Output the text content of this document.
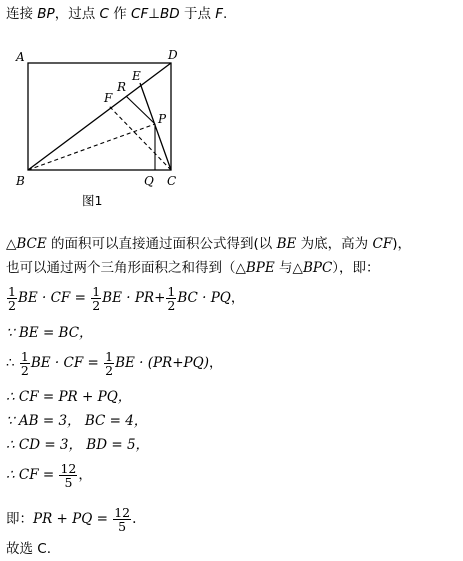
连接 BP，过点 C 作 CF⊥BD 于点 F.
A	D
E
R
F
P
B	Q C
图1
△BCE 的面积可以直接通过面积公式得到(以 BE 为底，高为 CF)，
也可以通过两个三角形面积之和得到（△BPE 与△BPC），即：
$\frac{1}{2}$ BE · CF = $\frac{1}{2}$ BE · $PR+ \frac{1}{2}$ BC · PQ，
∵ BE = BC，
∴ $\frac{1}{2}$ BE · CF = $\frac{1}{2}$ BE · (PR+PQ)，
∴ CF = PR + PQ，
∵ AB = 3， BC = 4，
∴ CD = 3， BD = 5，
∴ CF = $\frac{12}{5}$ ，
即：PR + PQ = $\frac{12}{5}$ .
故选 C.
